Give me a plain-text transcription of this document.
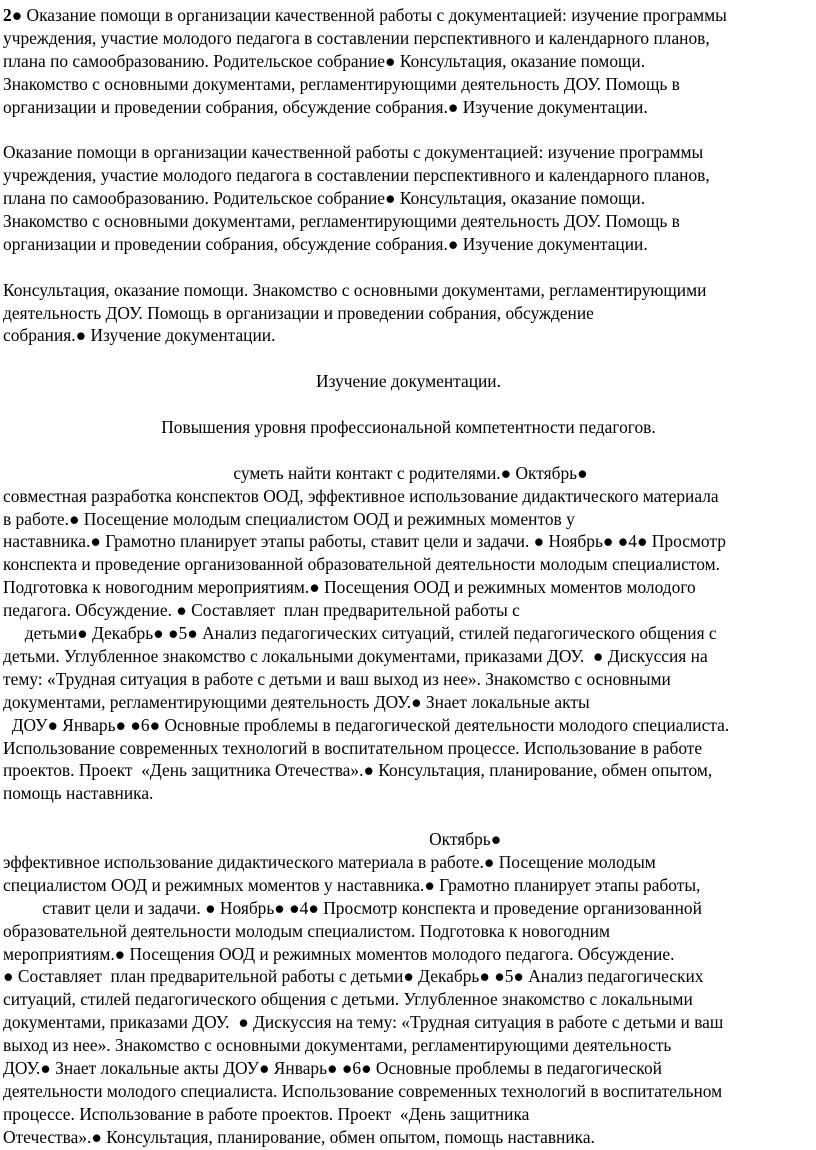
2● Оказание помощи в организации качественной работы с документацией: изучение программы
учреждения, участие молодого педагога в составлении перспективного и календарного планов,
плана по самообразованию. Родительское собрание● Консультация, оказание помощи.
Знакомство с основными документами, регламентирующими деятельность ДОУ. Помощь в
организации и проведении собрания, обсуждение собрания.● Изучение документации.
Оказание помощи в организации качественной работы с документацией: изучение программы
учреждения, участие молодого педагога в составлении перспективного и календарного планов,
плана по самообразованию. Родительское собрание● Консультация, оказание помощи.
Знакомство с основными документами, регламентирующими деятельность ДОУ. Помощь в
организации и проведении собрания, обсуждение собрания.● Изучение документации.
Консультация, оказание помощи. Знакомство с основными документами, регламентирующими
деятельность ДОУ. Помощь в организации и проведении собрания, обсуждение
собрания.● Изучение документации.
Изучение документации.
Повышения уровня профессиональной компетентности педагогов.
суметь найти контакт с родителями.● Октябрь●
совместная разработка конспектов ООД, эффективное использование дидактического материала
в работе.● Посещение молодым специалистом ООД и режимных моментов у
наставника.● Грамотно планирует этапы работы, ставит цели и задачи. ● Ноябрь● ●4● Просмотр
конспекта и проведение организованной образовательной деятельности молодым специалистом.
Подготовка к новогодним мероприятиям.● Посещения ООД и режимных моментов молодого
педагога. Обсуждение. ● Составляет  план предварительной работы с
детьми● Декабрь● ●5● Анализ педагогических ситуаций, стилей педагогического общения с
детьми. Углубленное знакомство с локальными документами, приказами ДОУ.  ● Дискуссия на
тему: «Трудная ситуация в работе с детьми и ваш выход из нее». Знакомство с основными
документами, регламентирующими деятельность ДОУ.● Знает локальные акты
ДОУ● Январь● ●6● Основные проблемы в педагогической деятельности молодого специалиста.
Использование современных технологий в воспитательном процессе. Использование в работе
проектов. Проект  «День защитника Отечества».● Консультация, планирование, обмен опытом,
помощь наставника.
Октябрь●
эффективное использование дидактического материала в работе.● Посещение молодым
специалистом ООД и режимных моментов у наставника.● Грамотно планирует этапы работы,
ставит цели и задачи. ● Ноябрь● ●4● Просмотр конспекта и проведение организованной
образовательной деятельности молодым специалистом. Подготовка к новогодним
мероприятиям.● Посещения ООД и режимных моментов молодого педагога. Обсуждение.
● Составляет  план предварительной работы с детьми● Декабрь● ●5● Анализ педагогических
ситуаций, стилей педагогического общения с детьми. Углубленное знакомство с локальными
документами, приказами ДОУ.  ● Дискуссия на тему: «Трудная ситуация в работе с детьми и ваш
выход из нее». Знакомство с основными документами, регламентирующими деятельность
ДОУ.● Знает локальные акты ДОУ● Январь● ●6● Основные проблемы в педагогической
деятельности молодого специалиста. Использование современных технологий в воспитательном
процессе. Использование в работе проектов. Проект  «День защитника
Отечества».● Консультация, планирование, обмен опытом, помощь наставника.
